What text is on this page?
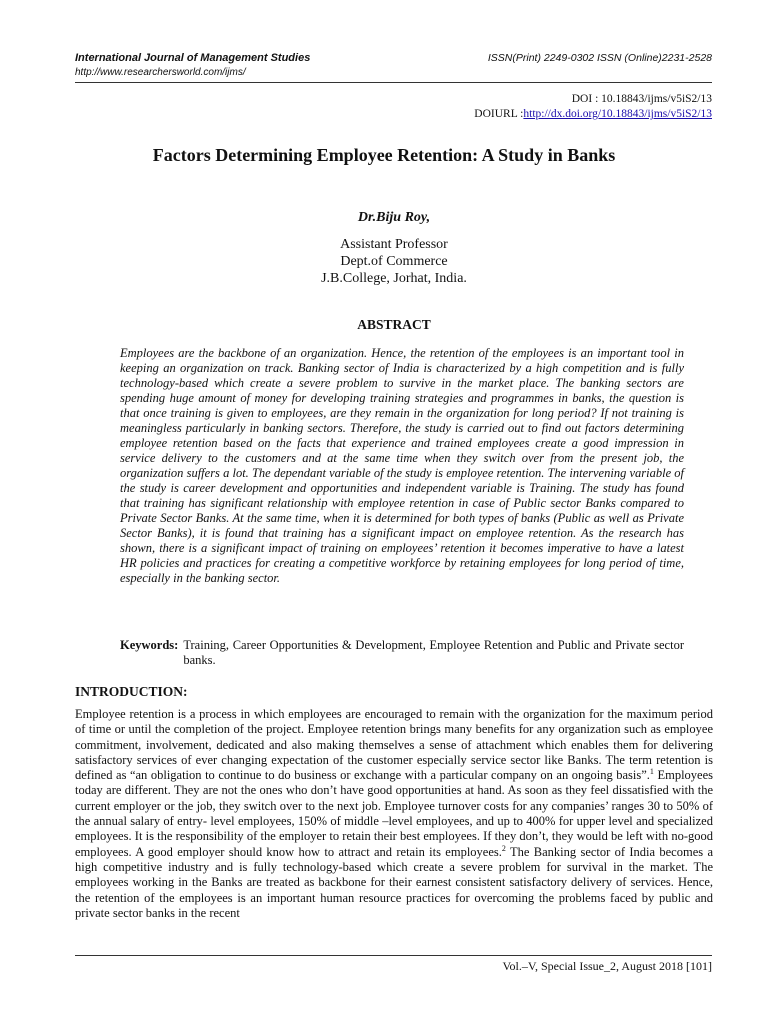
International Journal of Management Studies
http://www.researchersworld.com/ijms/
ISSN(Print) 2249-0302 ISSN (Online)2231-2528
DOI : 10.18843/ijms/v5iS2/13
DOIURL :http://dx.doi.org/10.18843/ijms/v5iS2/13
Factors Determining Employee Retention: A Study in Banks
Dr.Biju Roy,
Assistant Professor
Dept.of Commerce
J.B.College, Jorhat, India.
ABSTRACT

Employees are the backbone of an organization. Hence, the retention of the employees is an important tool in keeping an organization on track. Banking sector of India is characterized by a high competition and is fully technology-based which create a severe problem to survive in the market place. The banking sectors are spending huge amount of money for developing training strategies and programmes in banks, the question is that once training is given to employees, are they remain in the organization for long period? If not training is meaningless particularly in banking sectors. Therefore, the study is carried out to find out factors determining employee retention based on the facts that experience and trained employees create a good impression in service delivery to the customers and at the same time when they switch over from the present job, the organization suffers a lot. The dependant variable of the study is employee retention. The intervening variable of the study is career development and opportunities and independent variable is Training. The study has found that training has significant relationship with employee retention in case of Public sector Banks compared to Private Sector Banks. At the same time, when it is determined for both types of banks (Public as well as Private Sector Banks), it is found that training has a significant impact on employee retention. As the research has shown, there is a significant impact of training on employees’ retention it becomes imperative to have a latest HR policies and practices for creating a competitive workforce by retaining employees for long period of time, especially in the banking sector.

Keywords: Training, Career Opportunities & Development, Employee Retention and Public and Private sector banks.
INTRODUCTION:

Employee retention is a process in which employees are encouraged to remain with the organization for the maximum period of time or until the completion of the project. Employee retention brings many benefits for any organization such as employee commitment, involvement, dedicated and also making themselves a sense of attachment which enables them for delivering satisfactory services of ever changing expectation of the customer especially service sector like Banks. The term retention is defined as “an obligation to continue to do business or exchange with a particular company on an ongoing basis”.$^1$ Employees today are different. They are not the ones who don’t have good opportunities at hand. As soon as they feel dissatisfied with the current employer or the job, they switch over to the next job. Employee turnover costs for any companies’ ranges 30 to 50% of the annual salary of entry- level employees, 150% of middle –level employees, and up to 400% for upper level and specialized employees. It is the responsibility of the employer to retain their best employees. If they don’t, they would be left with no-good employees. A good employer should know how to attract and retain its employees.$^2$ The Banking sector of India becomes a high competitive industry and is fully technology-based which create a severe problem for survival in the market. The employees working in the Banks are treated as backbone for their earnest consistent satisfactory delivery of services. Hence, the retention of the employees is an important human resource practices for overcoming the problems faced by public and private sector banks in the recent

Vol.–V, Special Issue_2, August 2018 [101]
